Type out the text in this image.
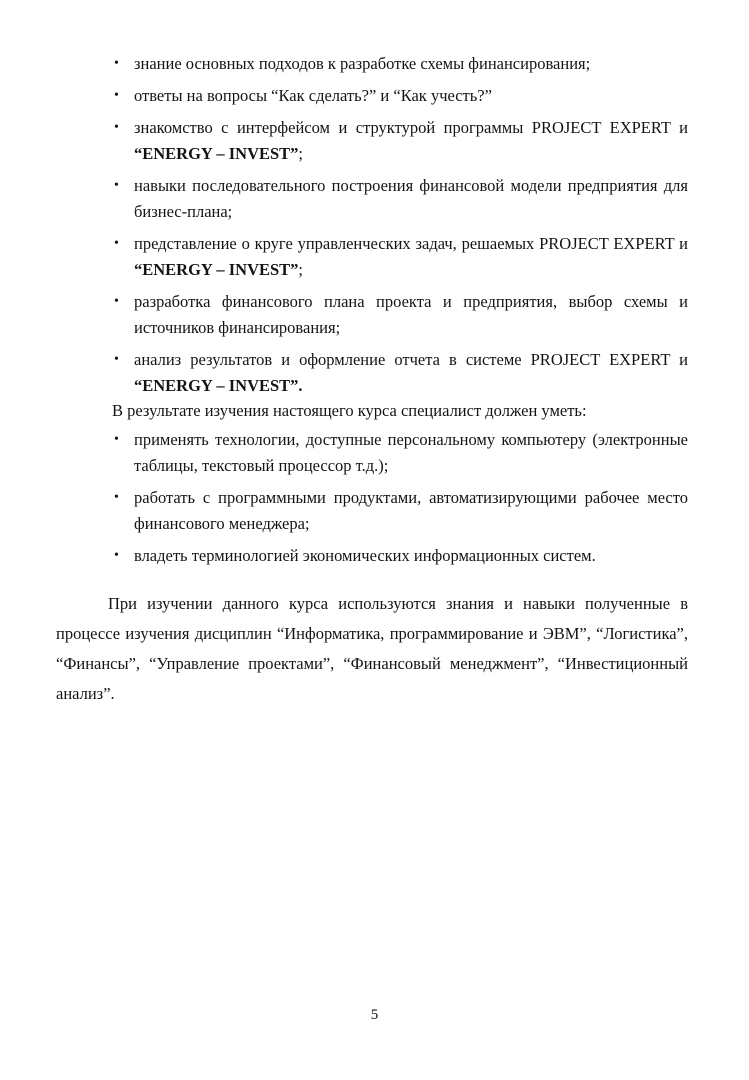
• знание основных подходов к разработке схемы финансирования;
• ответы на вопросы “Как сделать?” и “Как учесть?”
• знакомство с интерфейсом и структурой программы PROJECT EXPERT и “ENERGY – INVEST”;
• навыки последовательного построения финансовой модели предприятия для бизнес-плана;
• представление о круге управленческих задач, решаемых PROJECT EXPERT и “ENERGY – INVEST”;
• разработка финансового плана проекта и предприятия, выбор схемы и источников финансирования;
• анализ результатов и оформление отчета в системе PROJECT EXPERT и “ENERGY – INVEST”.

В результате изучения настоящего курса специалист должен уметь:

• применять технологии, доступные персональному компьютеру (электронные таблицы, текстовый процессор т.д.);
• работать с программными продуктами, автоматизирующими рабочее место финансового менеджера;
• владеть терминологией экономических информационных систем.

При изучении данного курса используются знания и навыки полученные в процессе изучения дисциплин “Информатика, программирование и ЭВМ”, “Логистика”, “Финансы”, “Управление проектами”, “Финансовый менеджмент”, “Инвестиционный анализ”.

5
